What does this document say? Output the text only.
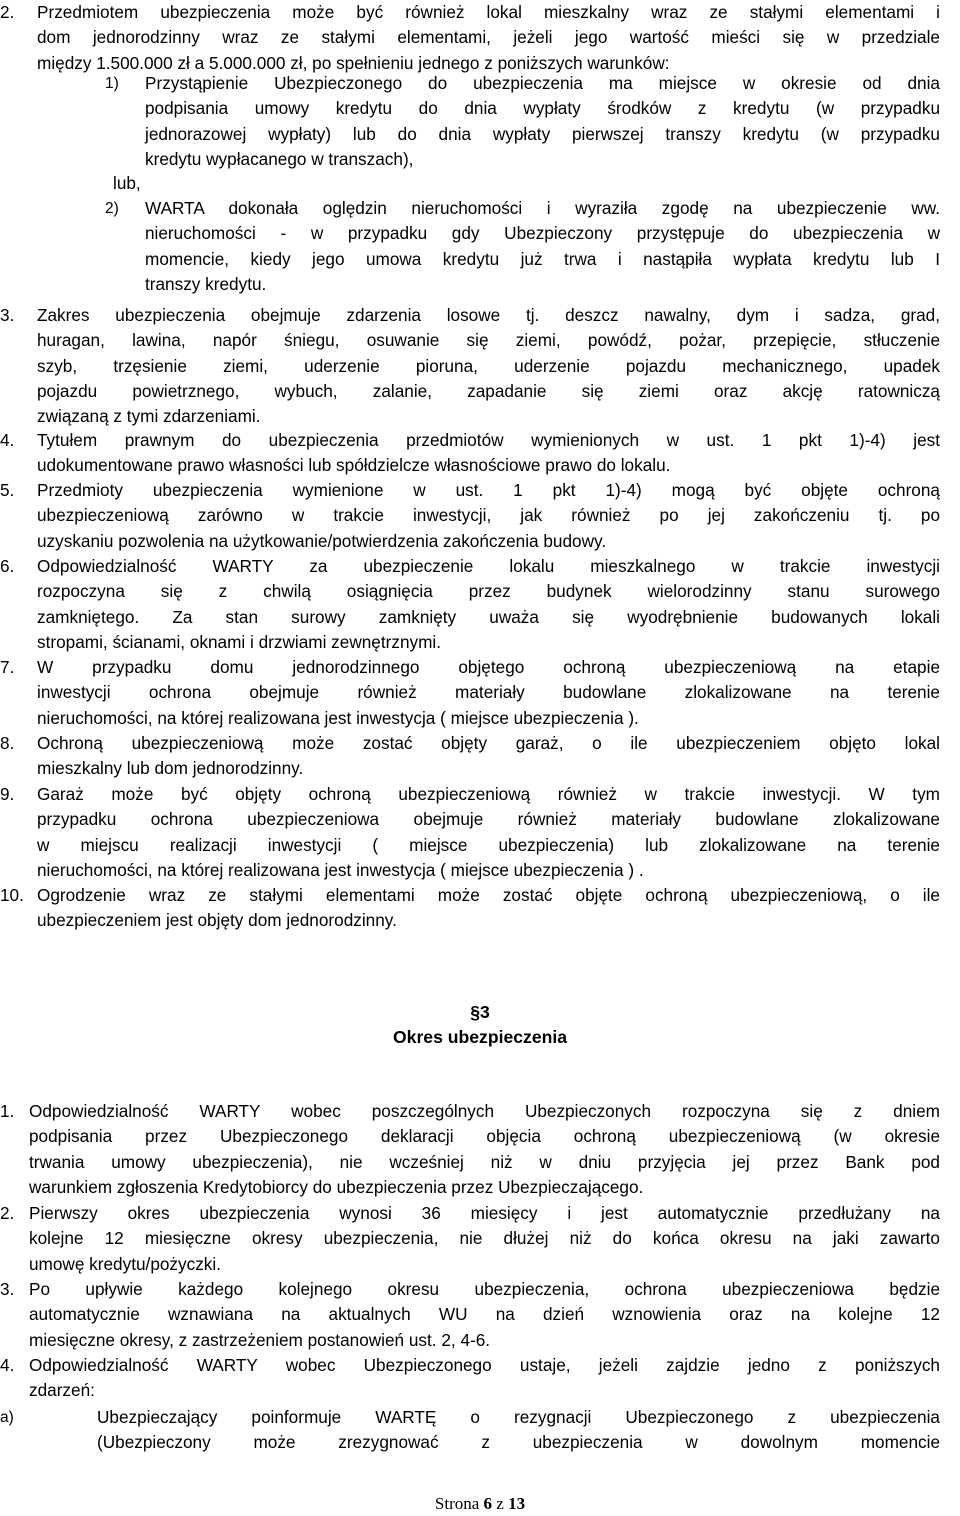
2.	Przedmiotem ubezpieczenia może być również lokal mieszkalny wraz ze stałymi elementami i
dom jednorodzinny wraz ze stałymi elementami, jeżeli jego wartość mieści się w przedziale
między 1.500.000 zł a 5.000.000 zł, po spełnieniu jednego z poniższych warunków:
1) Przystąpienie Ubezpieczonego do ubezpieczenia ma miejsce w okresie od dnia
podpisania umowy kredytu do dnia wypłaty środków z kredytu (w przypadku
jednorazowej wypłaty) lub do dnia wypłaty pierwszej transzy kredytu (w przypadku
kredytu wypłacanego w transzach),
lub,
2) WARTA dokonała oględzin nieruchomości i wyraziła zgodę na ubezpieczenie ww.
nieruchomości - w przypadku gdy Ubezpieczony przystępuje do ubezpieczenia w
momencie, kiedy jego umowa kredytu już trwa i nastąpiła wypłata kredytu lub I
transzy kredytu.
3.	Zakres ubezpieczenia obejmuje zdarzenia losowe tj. deszcz nawalny, dym i sadza, grad,
huragan, lawina, napór śniegu, osuwanie się ziemi, powódź, pożar, przepięcie, stłuczenie
szyb, trzęsienie ziemi, uderzenie pioruna, uderzenie pojazdu mechanicznego, upadek
pojazdu powietrznego, wybuch, zalanie, zapadanie się ziemi oraz akcję ratowniczą
związaną z tymi zdarzeniami.
4.	Tytułem prawnym do ubezpieczenia przedmiotów wymienionych w ust. 1 pkt 1)-4) jest
udokumentowane prawo własności lub spółdzielcze własnościowe prawo do lokalu.
5.	Przedmioty ubezpieczenia wymienione w ust. 1 pkt 1)-4) mogą być objęte ochroną
ubezpieczeniową zarówno w trakcie inwestycji, jak również po jej zakończeniu tj. po
uzyskaniu pozwolenia na użytkowanie/potwierdzenia zakończenia budowy.
6.	Odpowiedzialność WARTY za ubezpieczenie lokalu mieszkalnego w trakcie inwestycji
rozpoczyna się z chwilą osiągnięcia przez budynek wielorodzinny stanu surowego
zamkniętego. Za stan surowy zamknięty uważa się wyodrębnienie budowanych lokali
stropami, ścianami, oknami i drzwiami zewnętrznymi.
7.	W przypadku domu jednorodzinnego objętego ochroną ubezpieczeniową na etapie
inwestycji ochrona obejmuje również materiały budowlane zlokalizowane na terenie
nieruchomości, na której realizowana jest inwestycja ( miejsce ubezpieczenia ).
8.	Ochroną ubezpieczeniową może zostać objęty garaż, o ile ubezpieczeniem objęto lokal
mieszkalny lub dom jednorodzinny.
9.	Garaż może być objęty ochroną ubezpieczeniową również w trakcie inwestycji. W tym
przypadku ochrona ubezpieczeniowa obejmuje również materiały budowlane zlokalizowane
w miejscu realizacji inwestycji ( miejsce ubezpieczenia) lub zlokalizowane na terenie
nieruchomości, na której realizowana jest inwestycja ( miejsce ubezpieczenia ) .
10. Ogrodzenie wraz ze stałymi elementami może zostać objęte ochroną ubezpieczeniową, o ile
ubezpieczeniem jest objęty dom jednorodzinny.
§3
Okres ubezpieczenia
1. Odpowiedzialność WARTY wobec poszczególnych Ubezpieczonych rozpoczyna się z dniem
podpisania przez Ubezpieczonego deklaracji objęcia ochroną ubezpieczeniową (w okresie
trwania umowy ubezpieczenia), nie wcześniej niż w dniu przyjęcia jej przez Bank pod
warunkiem zgłoszenia Kredytobiorcy do ubezpieczenia przez Ubezpieczającego.
2. Pierwszy okres ubezpieczenia wynosi 36 miesięcy i jest automatycznie przedłużany na
kolejne 12 miesięczne okresy ubezpieczenia, nie dłużej niż do końca okresu na jaki zawarto
umowę kredytu/pożyczki.
3. Po upływie każdego kolejnego okresu ubezpieczenia, ochrona ubezpieczeniowa będzie
automatycznie wznawiana na aktualnych WU na dzień wznowienia oraz na kolejne 12
miesięczne okresy, z zastrzeżeniem postanowień ust. 2, 4-6.
4. Odpowiedzialność WARTY wobec Ubezpieczonego ustaje, jeżeli zajdzie jedno z poniższych
zdarzeń:
a)	Ubezpieczający poinformuje WARTĘ o rezygnacji Ubezpieczonego z ubezpieczenia
(Ubezpieczony może zrezygnować z ubezpieczenia w dowolnym momencie
Strona 6 z 13
